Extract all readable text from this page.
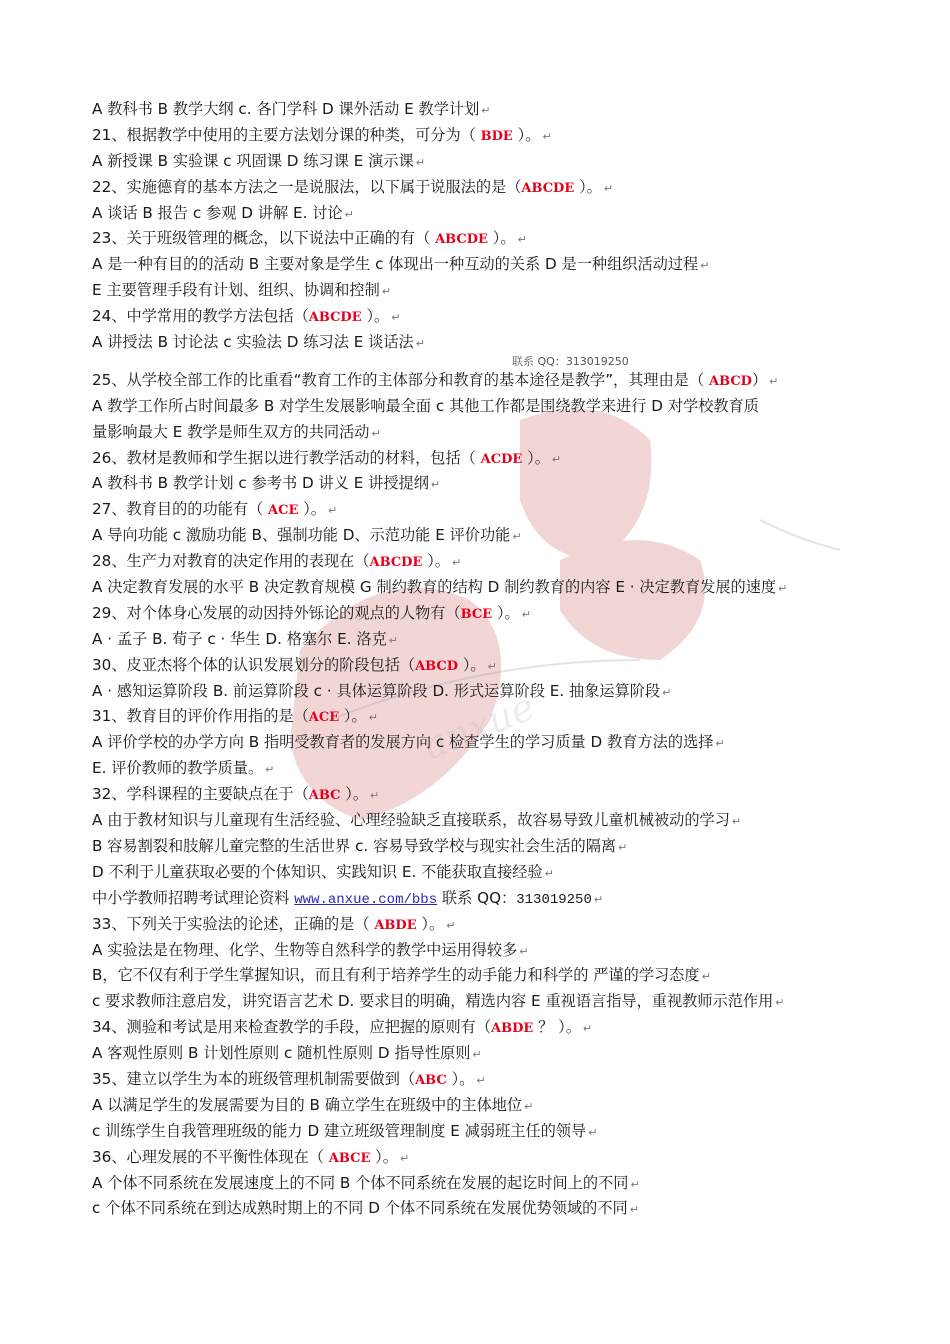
anxue
A 教科书 B 教学大纲 c. 各门学科 D 课外活动 E 教学计划 ↵
21、根据教学中使用的主要方法划分课的种类，可分为（ BDE ）。 ↵
A 新授课 B 实验课 c 巩固课 D 练习课 E 演示课 ↵
22、实施德育的基本方法之一是说服法，以下属于说服法的是（ABCDE ）。 ↵
A 谈话 B 报告 c 参观 D 讲解 E. 讨论 ↵
23、关于班级管理的概念，以下说法中正确的有（ ABCDE ）。 ↵
A 是一种有目的的活动 B 主要对象是学生 c 体现出一种互动的关系 D 是一种组织活动过程 ↵
E 主要管理手段有计划、组织、协调和控制 ↵
24、中学常用的教学方法包括（ABCDE ）。 ↵
A 讲授法 B 讨论法 c 实验法 D 练习法 E 谈话法 ↵
联系 QQ：313019250
25、从学校全部工作的比重看“教育工作的主体部分和教育的基本途径是教学”，其理由是（ ABCD） ↵
A 教学工作所占时间最多 B 对学生发展影响最全面 c 其他工作都是围绕教学来进行 D 对学校教育质
量影响最大 E 教学是师生双方的共同活动 ↵
26、教材是教师和学生据以进行教学活动的材料，包括（ ACDE ）。 ↵
A 教科书 B 教学计划 c 参考书 D 讲义 E 讲授提纲 ↵
27、教育目的的功能有（ ACE ）。 ↵
A 导向功能 c 激励功能 B、强制功能 D、示范功能 E 评价功能 ↵
28、生产力对教育的决定作用的表现在（ABCDE ）。 ↵
A 决定教育发展的水平 B 决定教育规模 G 制约教育的结构 D 制约教育的内容 E · 决定教育发展的速度 ↵
29、对个体身心发展的动因持外铄论的观点的人物有（BCE ）。 ↵
A · 孟子 B. 荀子 c · 华生 D. 格塞尔 E. 洛克 ↵
30、皮亚杰将个体的认识发展划分的阶段包括（ABCD ）。 ↵
A · 感知运算阶段 B. 前运算阶段 c · 具体运算阶段 D. 形式运算阶段 E. 抽象运算阶段 ↵
31、教育目的评价作用指的是（ACE ）。 ↵
A 评价学校的办学方向 B 指明受教育者的发展方向 c 检查学生的学习质量 D 教育方法的选择 ↵
E. 评价教师的教学质量。 ↵
32、学科课程的主要缺点在于（ABC ）。 ↵
A 由于教材知识与儿童现有生活经验、心理经验缺乏直接联系，故容易导致儿童机械被动的学习 ↵
B 容易割裂和肢解儿童完整的生活世界 c. 容易导致学校与现实社会生活的隔离 ↵
D 不利于儿童获取必要的个体知识、实践知识 E. 不能获取直接经验 ↵
中小学教师招聘考试理论资料 www.anxue.com/bbs 联系 QQ：313019250 ↵
33、下列关于实验法的论述，正确的是（ ABDE ）。 ↵
A 实验法是在物理、化学、生物等自然科学的教学中运用得较多 ↵
B，它不仅有利于学生掌握知识，而且有利于培养学生的动手能力和科学的 严谨的学习态度 ↵
c 要求教师注意启发，讲究语言艺术 D. 要求目的明确，精选内容 E 重视语言指导，重视教师示范作用 ↵
34、测验和考试是用来检查教学的手段，应把握的原则有（ABDE ？ ）。 ↵
A 客观性原则 B 计划性原则 c 随机性原则 D 指导性原则 ↵
35、建立以学生为本的班级管理机制需要做到（ABC ）。 ↵
A 以满足学生的发展需要为目的 B 确立学生在班级中的主体地位 ↵
c 训练学生自我管理班级的能力 D 建立班级管理制度 E 减弱班主任的领导 ↵
36、心理发展的不平衡性体现在（ ABCE ）。 ↵
A 个体不同系统在发展速度上的不同 B 个体不同系统在发展的起讫时间上的不同 ↵
c 个体不同系统在到达成熟时期上的不同 D 个体不同系统在发展优势领域的不同 ↵
